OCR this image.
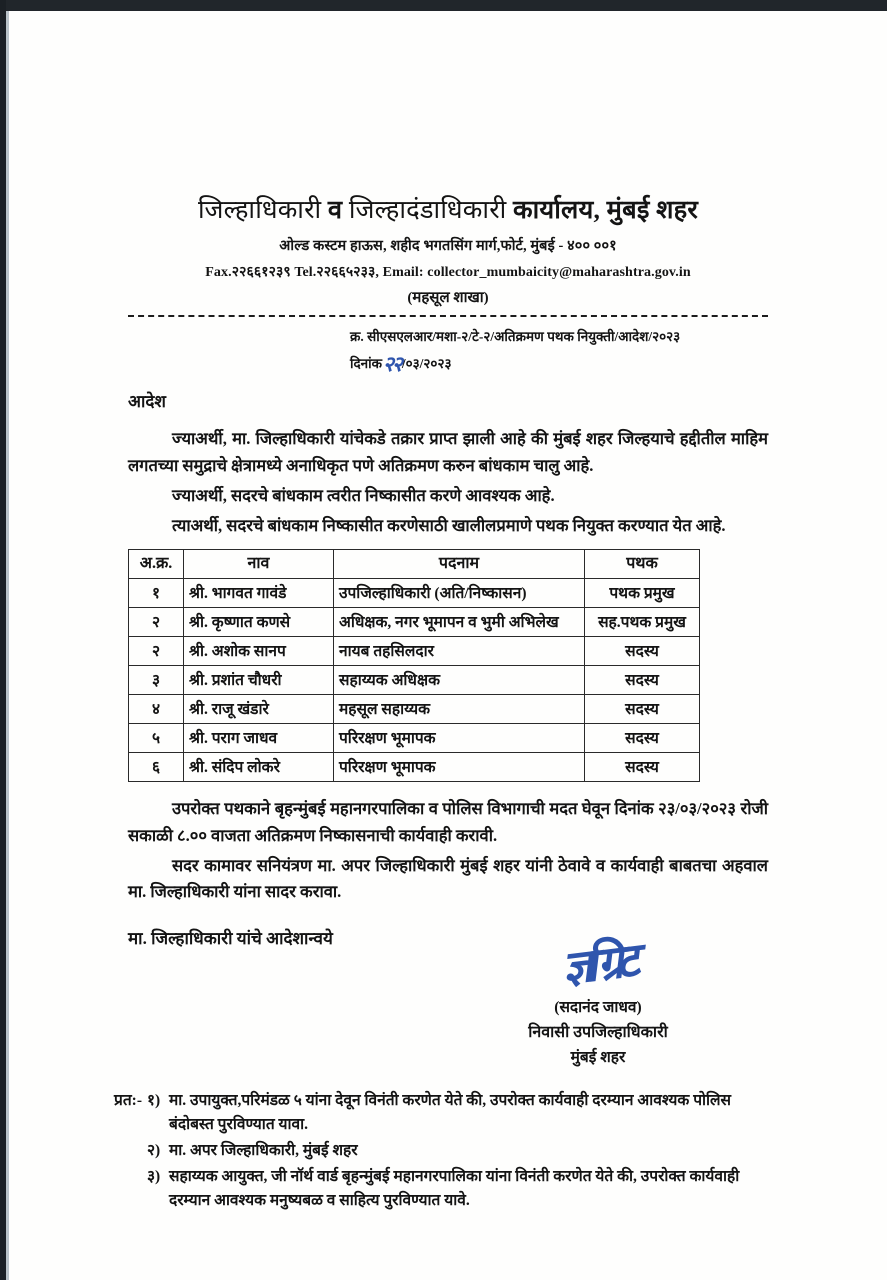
जिल्हाधिकारी व जिल्हादंडाधिकारी कार्यालय, मुंबई शहर
ओल्ड कस्टम हाऊस, शहीद भगतसिंग मार्ग,फोर्ट, मुंबई - ४०० ००१
Fax.२२६६१२३९ Tel.२२६६५२३३, Email: collector_mumbaicity@maharashtra.gov.in
(महसूल शाखा)
क्र. सीएसएलआर/मशा-२/टे-२/अतिक्रमण पथक नियुक्ती/आदेश/२०२३
दिनांक२२/०३/२०२३
आदेश
ज्याअर्थी, मा. जिल्हाधिकारी यांचेकडे तक्रार प्राप्त झाली आहे की मुंबई शहर जिल्हयाचे हद्दीतील माहिम लगतच्या समुद्राचे क्षेत्रामध्ये अनाधिकृत पणे अतिक्रमण करुन बांधकाम चालु आहे.
ज्याअर्थी, सदरचे बांधकाम त्वरीत निष्कासीत करणे आवश्यक आहे.
त्याअर्थी, सदरचे बांधकाम निष्कासीत करणेसाठी खालीलप्रमाणे पथक नियुक्त करण्यात येत आहे.
अ.क्र.	नाव	पदनाम	पथक
१	श्री. भागवत गावंडे	उपजिल्हाधिकारी (अति/निष्कासन)	पथक प्रमुख
२	श्री. कृष्णात कणसे	अधिक्षक, नगर भूमापन व भुमी अभिलेख	सह.पथक प्रमुख
२	श्री. अशोक सानप	नायब तहसिलदार	सदस्य
३	श्री. प्रशांत चौधरी	सहाय्यक अधिक्षक	सदस्य
४	श्री. राजू खंडारे	महसूल सहाय्यक	सदस्य
५	श्री. पराग जाधव	परिरक्षण भूमापक	सदस्य
६	श्री. संदिप लोकरे	परिरक्षण भूमापक	सदस्य
उपरोक्त पथकाने बृहन्मुंबई महानगरपालिका व पोलिस विभागाची मदत घेवून दिनांक २३/०३/२०२३ रोजी सकाळी ८.०० वाजता अतिक्रमण निष्कासनाची कार्यवाही करावी.
सदर कामावर सनियंत्रण मा. अपर जिल्हाधिकारी मुंबई शहर यांनी ठेवावे व कार्यवाही बाबतचा अहवाल मा. जिल्हाधिकारी यांना सादर करावा.
मा. जिल्हाधिकारी यांचे आदेशान्वये	ज्ञग्रिट
(सदानंद जाधव)
निवासी उपजिल्हाधिकारी
मुंबई शहर
प्रत:- १) मा. उपायुक्त,परिमंडळ ५ यांना देवून विनंती करणेत येते की, उपरोक्त कार्यवाही दरम्यान आवश्यक पोलिस बंदोबस्त पुरविण्यात यावा.
२) मा. अपर जिल्हाधिकारी, मुंबई शहर
३) सहाय्यक आयुक्त, जी नॉर्थ वार्ड बृहन्मुंबई महानगरपालिका यांना विनंती करणेत येते की, उपरोक्त कार्यवाही दरम्यान आवश्यक मनुष्यबळ व साहित्य पुरविण्यात यावे.
